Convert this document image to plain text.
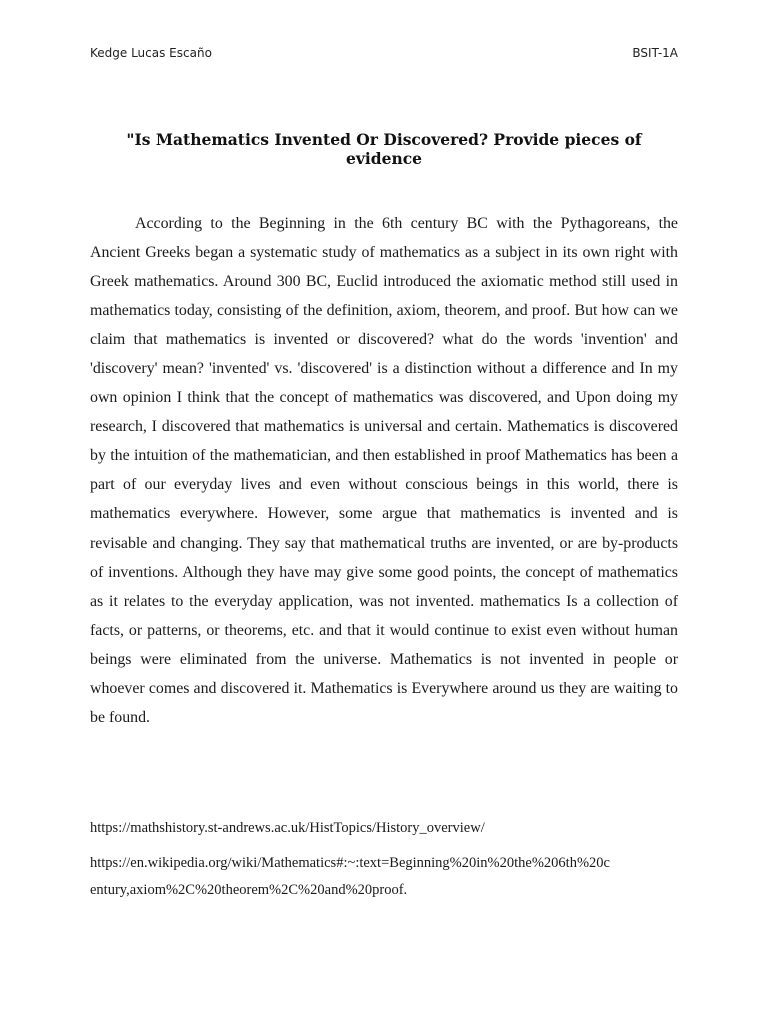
Kedge Lucas Escaño	BSIT-1A
"Is Mathematics Invented Or Discovered? Provide pieces of evidence

According to the Beginning in the 6th century BC with the Pythagoreans, the Ancient Greeks began a systematic study of mathematics as a subject in its own right with Greek mathematics. Around 300 BC, Euclid introduced the axiomatic method still used in mathematics today, consisting of the definition, axiom, theorem, and proof. But how can we claim that mathematics is invented or discovered? what do the words 'invention' and 'discovery' mean? 'invented' vs. 'discovered' is a distinction without a difference and In my own opinion I think that the concept of mathematics was discovered, and Upon doing my research, I discovered that mathematics is universal and certain. Mathematics is discovered by the intuition of the mathematician, and then established in proof Mathematics has been a part of our everyday lives and even without conscious beings in this world, there is mathematics everywhere. However, some argue that mathematics is invented and is revisable and changing. They say that mathematical truths are invented, or are by-products of inventions. Although they have may give some good points, the concept of mathematics as it relates to the everyday application, was not invented. mathematics Is a collection of facts, or patterns, or theorems, etc. and that it would continue to exist even without human beings were eliminated from the universe. Mathematics is not invented in people or whoever comes and discovered it. Mathematics is Everywhere around us they are waiting to be found.

https://mathshistory.st-andrews.ac.uk/HistTopics/History_overview/

https://en.wikipedia.org/wiki/Mathematics#:~:text=Beginning%20in%20the%206th%20century,axiom%2C%20theorem%2C%20and%20proof.
